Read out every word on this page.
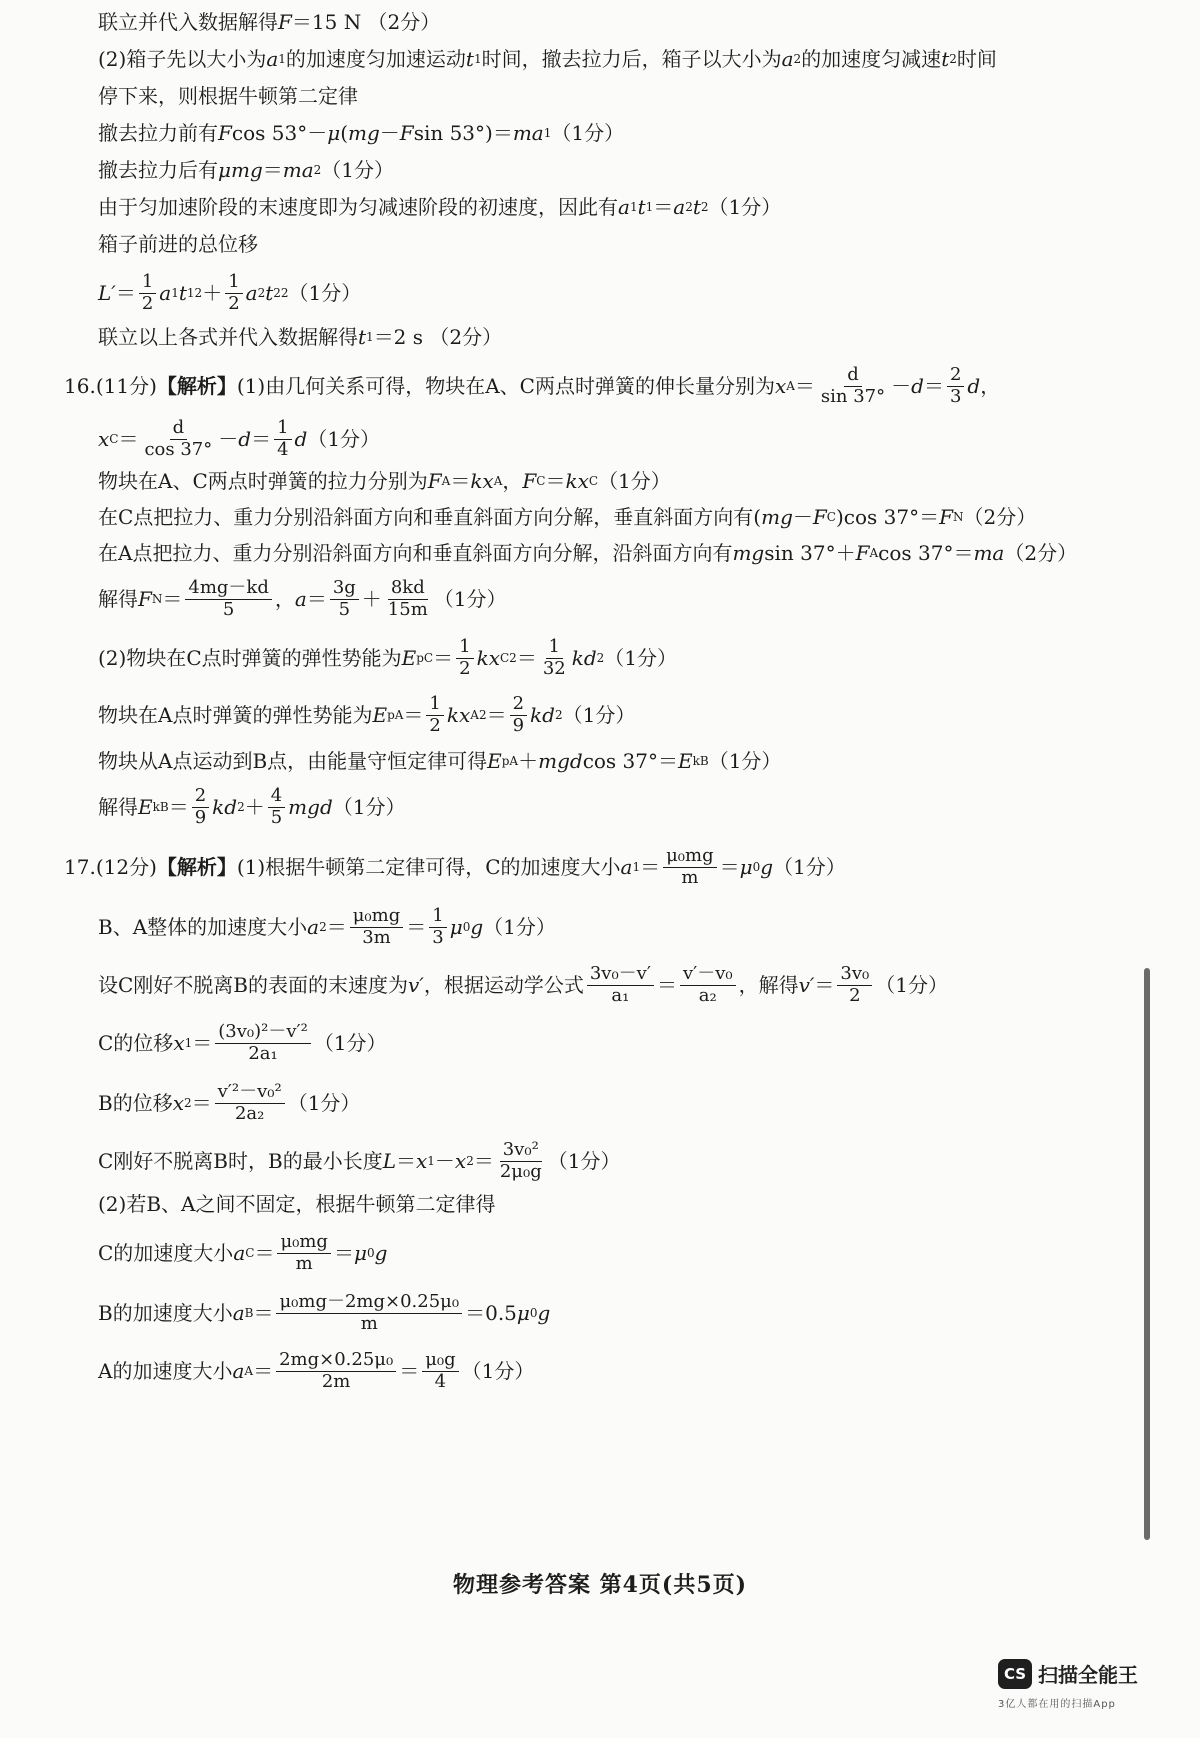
联立并代入数据解得 F ＝15 N （2分）
(2)箱子先以大小为 a 1 的加速度匀加速运动 t 1 时间，撤去拉力后，箱子以大小为 a 2 的加速度匀减速 t 2 时间
停下来，则根据牛顿第二定律
撤去拉力前有 F cos 53°－ μ ( mg － F sin 53°)＝ ma 1 （1分）
撤去拉力后有 μmg ＝ ma 2 （1分）
由于匀加速阶段的末速度即为匀减速阶段的初速度，因此有 a 1 t 1 ＝ a 2 t 2 （1分）
箱子前进的总位移
$L' = \frac{1}{2}$ a 1 t 1 $2 + \frac{1}{2}$ a 2 t 2 2 （1分）
联立以上各式并代入数据解得 t 1 ＝2 s （2分）
16. (11分) 【解析】 (1)由几何关系可得，物块在A、C两点时弹簧的伸长量分别为 x $A = \frac{d}{\sin 37^\circ} - d = \frac{2}{3}$ d ，
x $C = \frac{d}{\cos 37^\circ} - d = \frac{1}{4}$ d （1分）
物块在A、C两点时弹簧的拉力分别为 F A ＝ kx A ， F C ＝ kx C （1分）
在C点把拉力、重力分别沿斜面方向和垂直斜面方向分解，垂直斜面方向有( mg － F C )cos 37°＝ F N （2分）
在A点把拉力、重力分别沿斜面方向和垂直斜面方向分解，沿斜面方向有 mg sin 37°＋ F A cos 37°＝ ma （2分）
解得 F $N = \frac{4mg-kd}{5}$ ， $a = \frac{3g}{5} + \frac{8kd}{15m} (1$分）
(2)物块在C点时弹簧的弹性势能为 E pC ＝ $\frac{1}{2}$ kx C $2 = \frac{1}{32}$ kd 2 （1分）
物块在A点时弹簧的弹性势能为 E pA ＝ $\frac{1}{2}$ kx A $2 = \frac{2}{9}$ kd 2 （1分）
物块从A点运动到B点，由能量守恒定律可得 E pA ＋ mgd cos 37°＝ E kB （1分）
解得 E kB ＝ $\frac{2}{9}$ kd $2 + \frac{4}{5}$ mgd （1分）
17. (12分) 【解析】 (1)根据牛顿第二定律可得，C的加速度大小 a $1 = \frac{\text{μ₀mg}}{m} = \mu$ 0 g （1分）
B、A整体的加速度大小 a $2 = \frac{\text{μ₀mg}}{3m} = \frac{1}{3}$ μ 0 g （1分）
设C刚好不脱离B的表面的末速度为 v′ ，根据运动学公式 $\frac{\text{3v₀－v′}}{\text{a₁}} = \frac{\text{v′－v₀}}{\text{a₂}}$ ，解得 $v' = \frac{\text{3v₀}}{2} (1$分）
C的位移 x $1 = \frac{\text{(3v₀)²－v′²}}{\text{2a₁}} (1$分）
B的位移 x $2 = \frac{\text{v′²－v₀²}}{\text{2a₂}} (1$分）
C刚好不脱离B时，B的最小长度 L ＝ x 1 － x $2 = \frac{\text{3v₀²}}{\text{2μ₀g}} (1$分）
(2)若B、A之间不固定，根据牛顿第二定律得
C的加速度大小 a $C = \frac{\text{μ₀mg}}{m} = \mu$ 0 g
B的加速度大小 a $B = \frac{\text{μ₀mg－2mg×0.25μ₀}}{m} =0.5$ μ 0 g
A的加速度大小 a $A = \frac{\text{2mg×0.25μ₀}}{2m} = \frac{\text{μ₀g}}{4} (1$分）
物理参考答案 第4页(共5页)
CS 扫描全能王
3亿人都在用的扫描App
